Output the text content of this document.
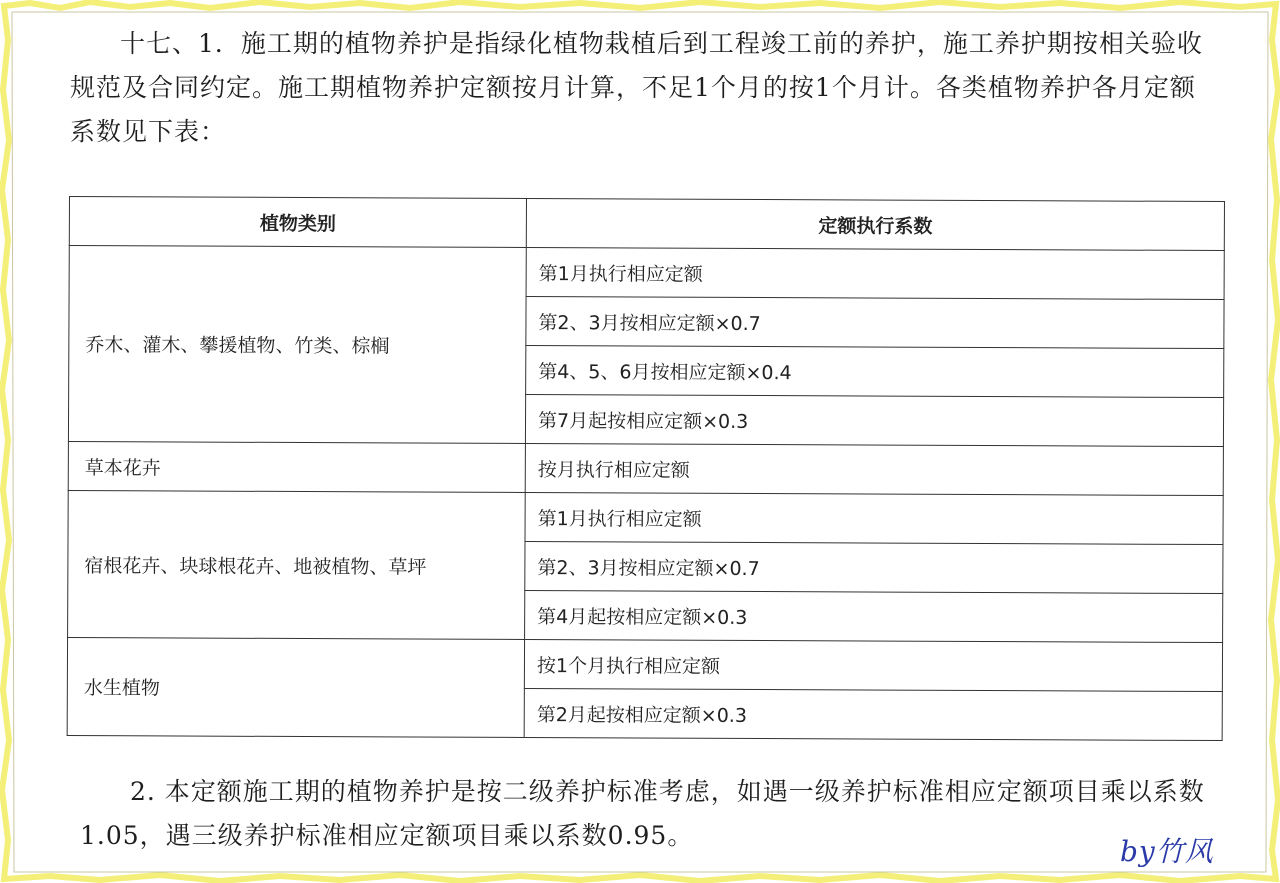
十七、1．施工期的植物养护是指绿化植物栽植后到工程竣工前的养护，施工养护期按相关验收
规范及合同约定。施工期植物养护定额按月计算，不足1个月的按1个月计。各类植物养护各月定额
系数见下表：
植物类别	定额执行系数
乔木、灌木、攀援植物、竹类、棕榈	第1月执行相应定额
	第2、3月按相应定额×0.7
	第4、5、6月按相应定额×0.4
	第7月起按相应定额×0.3
草本花卉	按月执行相应定额
宿根花卉、块球根花卉、地被植物、草坪	第1月执行相应定额
	第2、3月按相应定额×0.7
	第4月起按相应定额×0.3
水生植物	按1个月执行相应定额
	第2月起按相应定额×0.3
2. 本定额施工期的植物养护是按二级养护标准考虑，如遇一级养护标准相应定额项目乘以系数
1.05，遇三级养护标准相应定额项目乘以系数0.95。	by竹风
